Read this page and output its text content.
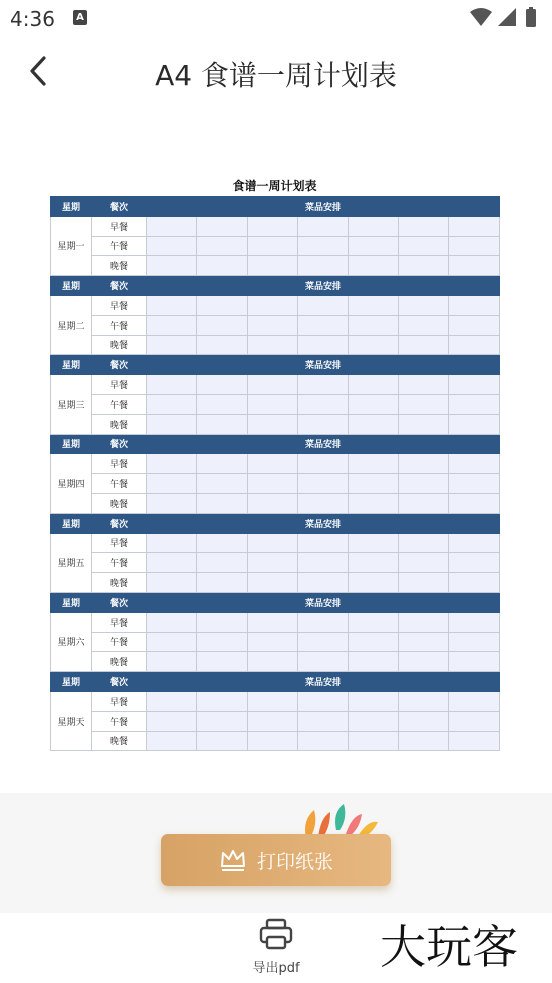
4:36	A
A4 食谱一周计划表
食谱一周计划表
星期	餐次	菜品安排						
星期一	早餐							
	午餐							
	晚餐							
星期	餐次	菜品安排						
星期二	早餐							
	午餐							
	晚餐							
星期	餐次	菜品安排						
星期三	早餐							
	午餐							
	晚餐							
星期	餐次	菜品安排						
星期四	早餐							
	午餐							
	晚餐							
星期	餐次	菜品安排						
星期五	早餐							
	午餐							
	晚餐							
星期	餐次	菜品安排						
星期六	早餐							
	午餐							
	晚餐							
星期	餐次	菜品安排						
星期天	早餐							
	午餐							
	晚餐							
打印纸张
导出pdf 大玩客
